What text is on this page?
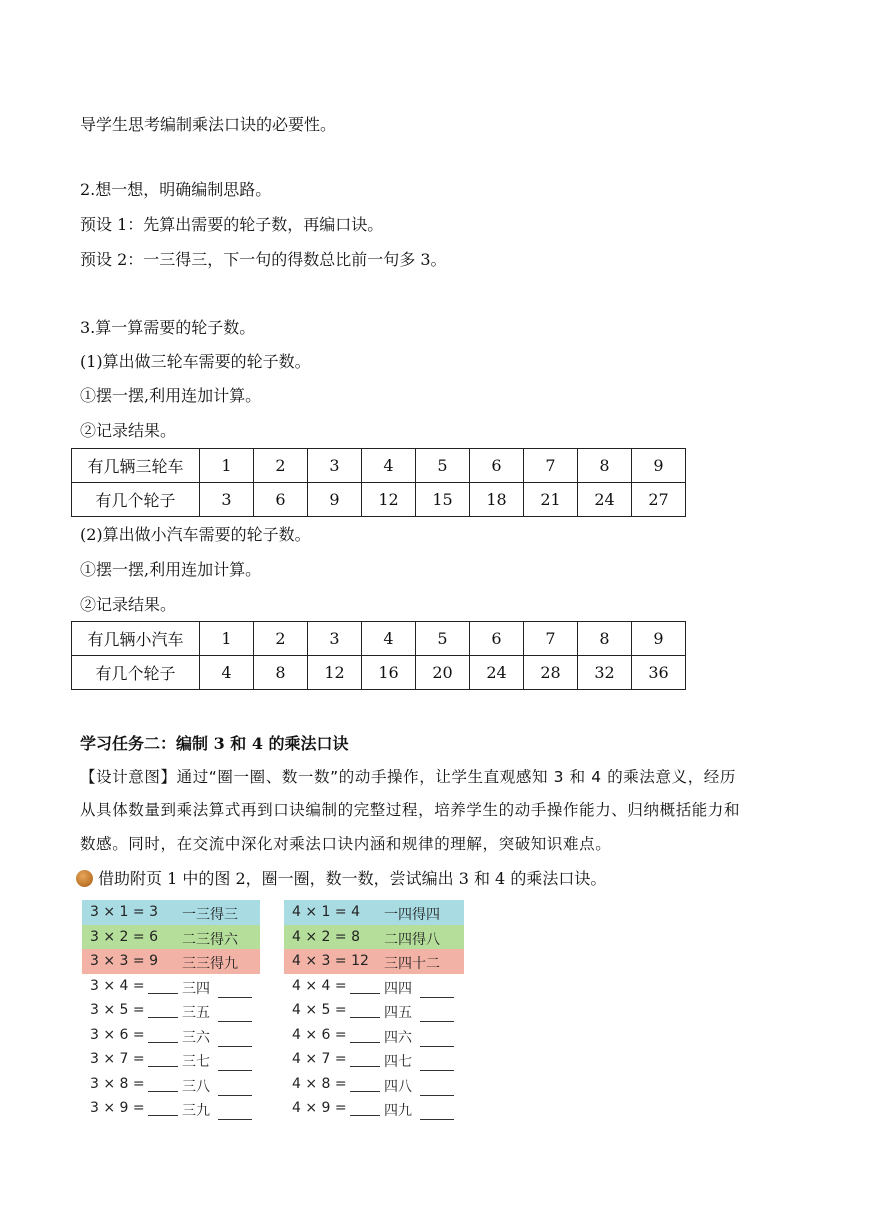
导学生思考编制乘法口诀的必要性。
2.想一想，明确编制思路。
预设 1：先算出需要的轮子数，再编口诀。
预设 2：一三得三，下一句的得数总比前一句多 3。
3.算一算需要的轮子数。
(1)算出做三轮车需要的轮子数。
①摆一摆,利用连加计算。
②记录结果。
有几辆三轮车	1	2	3	4	5	6	7	8	9
有几个轮子	3	6	9	12	15	18	21	24	27
(2)算出做小汽车需要的轮子数。
①摆一摆,利用连加计算。
②记录结果。
有几辆小汽车	1	2	3	4	5	6	7	8	9
有几个轮子	4	8	12	16	20	24	28	32	36
学习任务二：编制 3 和 4 的乘法口诀
【设计意图】通过“圈一圈、数一数”的动手操作，让学生直观感知 3 和 4 的乘法意义，经历
从具体数量到乘法算式再到口诀编制的完整过程，培养学生的动手操作能力、归纳概括能力和
数感。同时，在交流中深化对乘法口诀内涵和规律的理解，突破知识难点。
借助附页 1 中的图 2，圈一圈，数一数，尝试编出 3 和 4 的乘法口诀。
3 × 1 = 3 一三得三
3 × 2 = 6 二三得六
3 × 3 = 9 三三得九
3 × 4 =	三四
3 × 5 =	三五
3 × 6 =	三六
3 × 7 =	三七
3 × 8 =	三八
3 × 9 =	三九
4 × 1 = 4 一四得四
4 × 2 = 8 二四得八
4 × 3 = 12 三四十二
4 × 4 =	四四
4 × 5 =	四五
4 × 6 =	四六
4 × 7 =	四七
4 × 8 =	四八
4 × 9 =	四九
